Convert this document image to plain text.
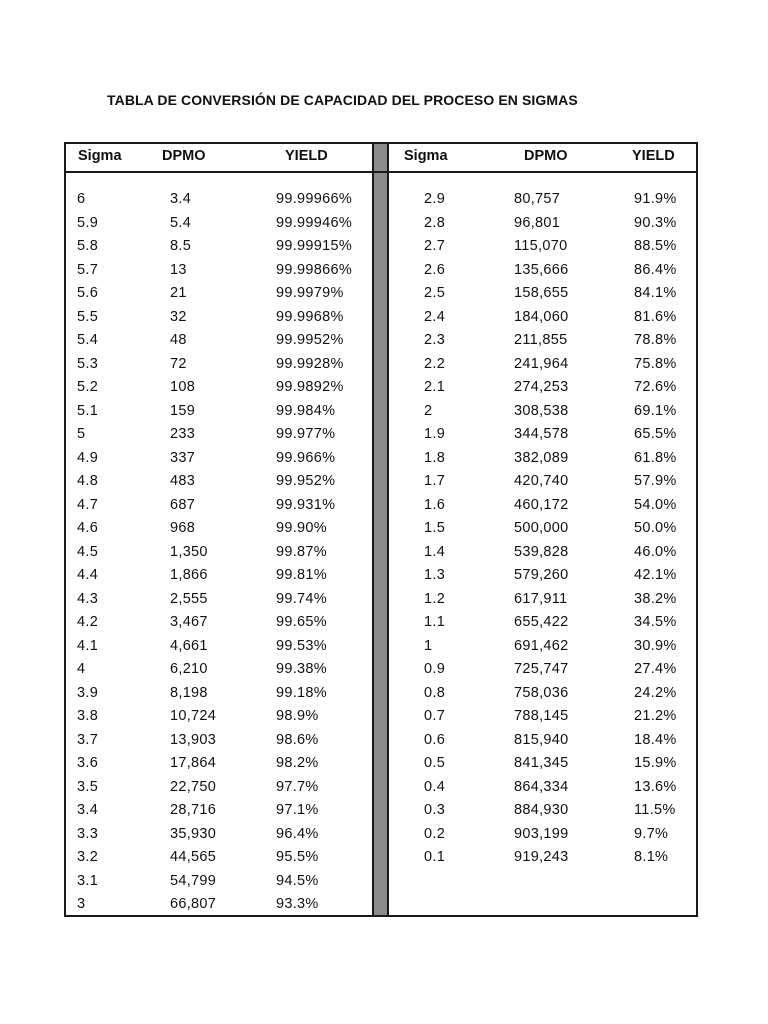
TABLA DE CONVERSIÓN DE CAPACIDAD DEL PROCESO EN SIGMAS
Sigma	DPMO	YIELD	Sigma	DPMO	YIELD
6	3.4	99.99966%	2.9	80,757	91.9%
5.9	5.4	99.99946%	2.8	96,801	90.3%
5.8	8.5	99.99915%	2.7	115,070	88.5%
5.7	13	99.99866%	2.6	135,666	86.4%
5.6	21	99.9979%	2.5	158,655	84.1%
5.5	32	99.9968%	2.4	184,060	81.6%
5.4	48	99.9952%	2.3	211,855	78.8%
5.3	72	99.9928%	2.2	241,964	75.8%
5.2	108	99.9892%	2.1	274,253	72.6%
5.1	159	99.984%	2	308,538	69.1%
5	233	99.977%	1.9	344,578	65.5%
4.9	337	99.966%	1.8	382,089	61.8%
4.8	483	99.952%	1.7	420,740	57.9%
4.7	687	99.931%	1.6	460,172	54.0%
4.6	968	99.90%	1.5	500,000	50.0%
4.5	1,350	99.87%	1.4	539,828	46.0%
4.4	1,866	99.81%	1.3	579,260	42.1%
4.3	2,555	99.74%	1.2	617,911	38.2%
4.2	3,467	99.65%	1.1	655,422	34.5%
4.1	4,661	99.53%	1	691,462	30.9%
4	6,210	99.38%	0.9	725,747	27.4%
3.9	8,198	99.18%	0.8	758,036	24.2%
3.8	10,724	98.9%	0.7	788,145	21.2%
3.7	13,903	98.6%	0.6	815,940	18.4%
3.6	17,864	98.2%	0.5	841,345	15.9%
3.5	22,750	97.7%	0.4	864,334	13.6%
3.4	28,716	97.1%	0.3	884,930	11.5%
3.3	35,930	96.4%	0.2	903,199	9.7%
3.2	44,565	95.5%	0.1	919,243	8.1%
3.1	54,799	94.5%
3	66,807	93.3%
